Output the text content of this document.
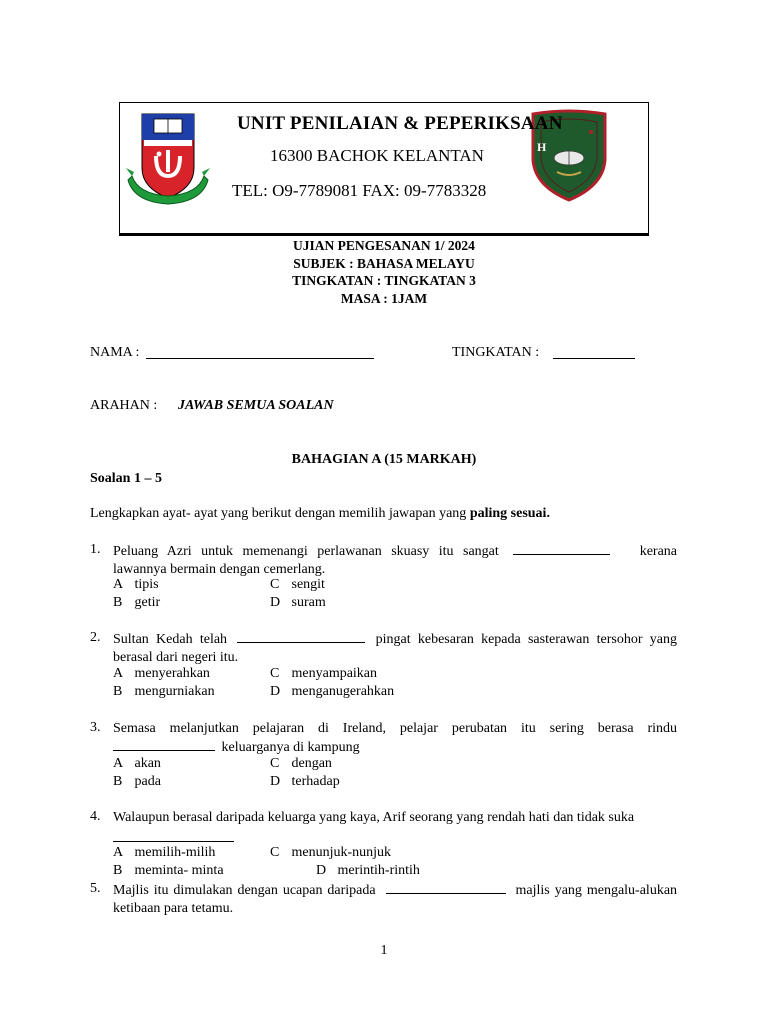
UNIT PENILAIAN & PEPERIKSAAN
16300 BACHOK KELANTAN
TEL: O9-7789081 FAX: 09-7783328
H
UJIAN PENGESANAN 1/ 2024
SUBJEK : BAHASA MELAYU
TINGKATAN : TINGKATAN 3
MASA : 1JAM
NAMA :	TINGKATAN :
ARAHAN : JAWAB SEMUA SOALAN
BAHAGIAN A (15 MARKAH)
Soalan 1 – 5
Lengkapkan ayat- ayat yang berikut dengan memilih jawapan yang paling sesuai.
1. Peluang Azri untuk memenangi perlawanan skuasy itu sangat	kerana lawannya bermain dengan cemerlang.
A tipis
B getir
C sengit
D suram
2. Sultan Kedah telah	pingat kebesaran kepada sasterawan tersohor yang berasal dari negeri itu.
A menyerahkan
B mengurniakan
C menyampaikan
D menganugerahkan
3. Semasa melanjutkan pelajaran di Ireland, pelajar perubatan itu sering berasa rindu  keluarganya di kampung
A akan
B pada
C dengan
D terhadap
4. Walaupun berasal daripada keluarga yang kaya, Arif seorang yang rendah hati dan tidak suka
A memilih-milih
B meminta- minta
C menunjuk-nunjuk
D merintih-rintih
5. Majlis itu dimulakan dengan ucapan daripada	majlis yang mengalu-alukan ketibaan para tetamu.
1
